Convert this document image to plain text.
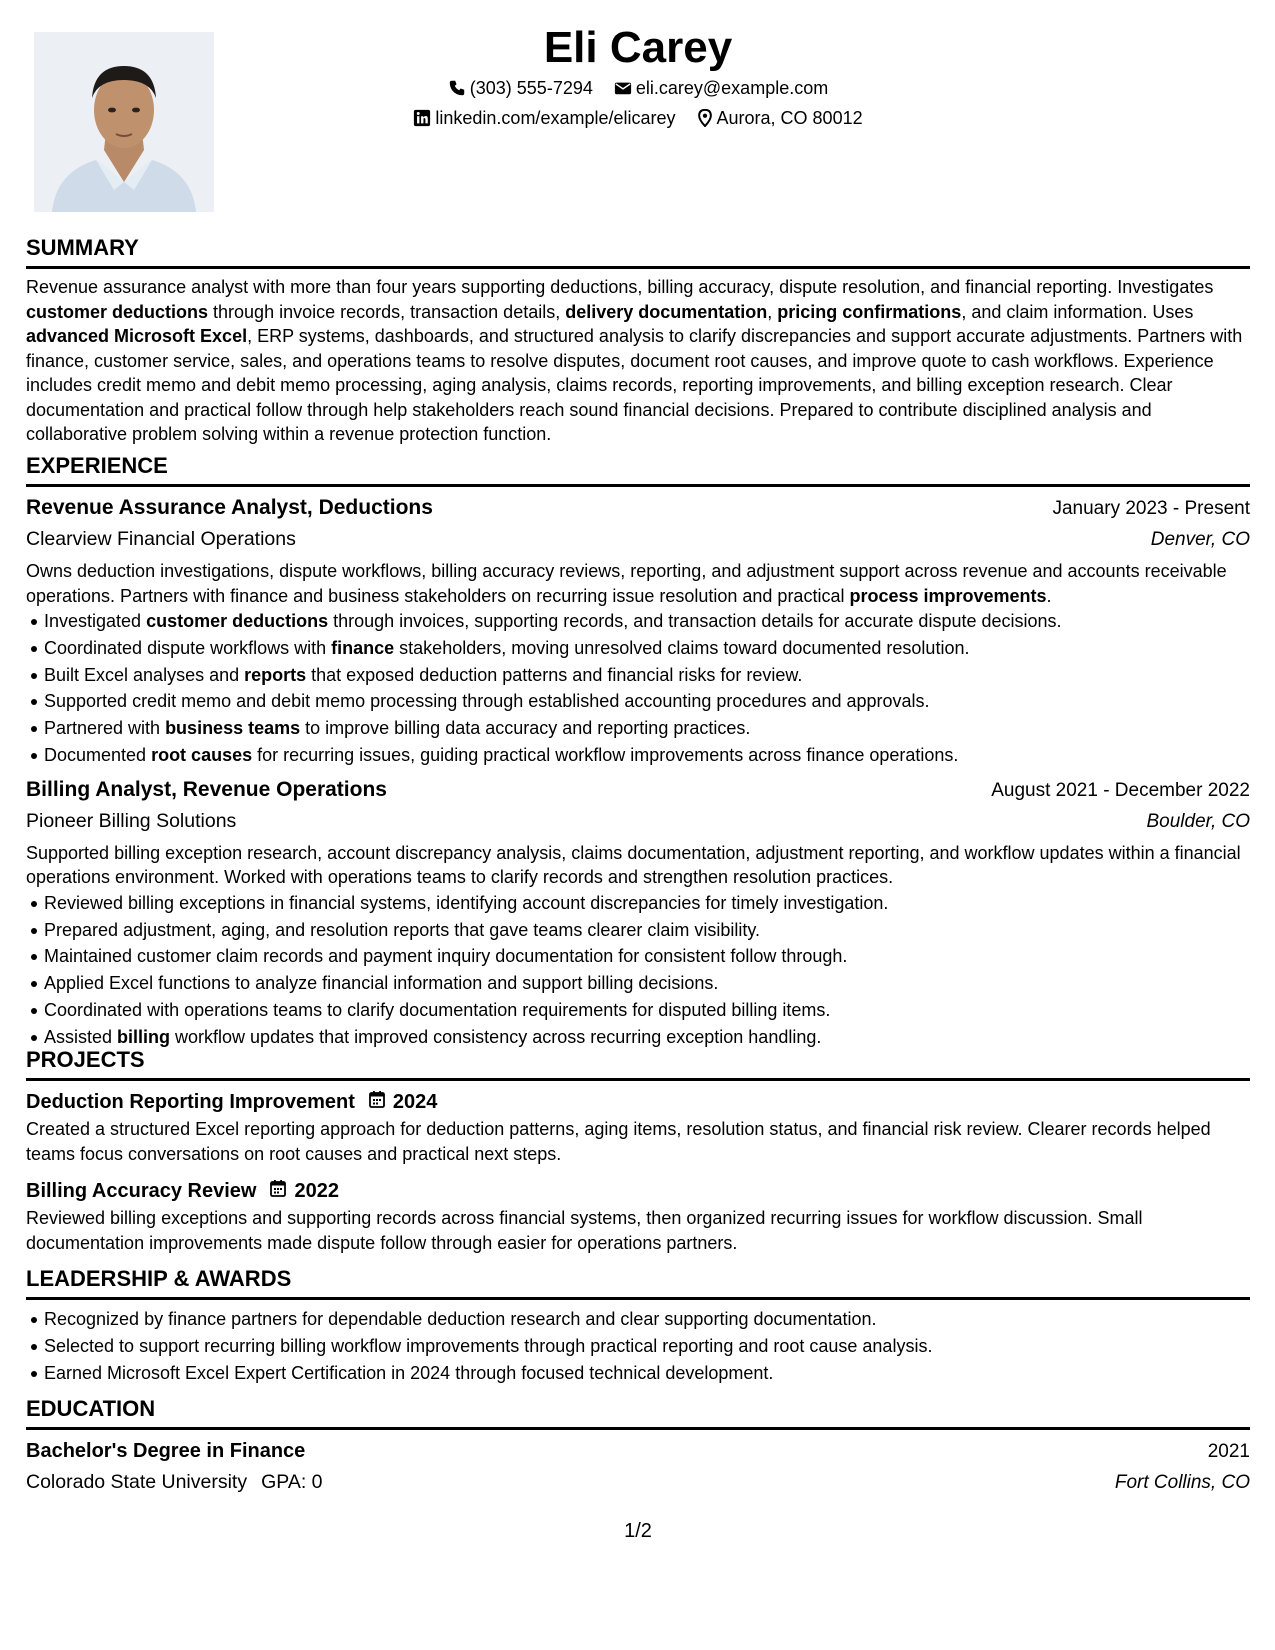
Eli Carey
(303) 555-7294 eli.carey@example.com
linkedin.com/example/elicarey Aurora, CO 80012
SUMMARY

Revenue assurance analyst with more than four years supporting deductions, billing accuracy, dispute resolution, and financial reporting. Investigates customer deductions through invoice records, transaction details, delivery documentation, pricing confirmations, and claim information. Uses advanced Microsoft Excel, ERP systems, dashboards, and structured analysis to clarify discrepancies and support accurate adjustments. Partners with finance, customer service, sales, and operations teams to resolve disputes, document root causes, and improve quote to cash workflows. Experience includes credit memo and debit memo processing, aging analysis, claims records, reporting improvements, and billing exception research. Clear documentation and practical follow through help stakeholders reach sound financial decisions. Prepared to contribute disciplined analysis and collaborative problem solving within a revenue protection function.

EXPERIENCE
Revenue Assurance Analyst, Deductions	January 2023 - Present
Clearview Financial Operations	Denver, CO

Owns deduction investigations, dispute workflows, billing accuracy reviews, reporting, and adjustment support across revenue and accounts receivable operations. Partners with finance and business stakeholders on recurring issue resolution and practical process improvements.

Investigated customer deductions through invoices, supporting records, and transaction details for accurate dispute decisions.
Coordinated dispute workflows with finance stakeholders, moving unresolved claims toward documented resolution.
Built Excel analyses and reports that exposed deduction patterns and financial risks for review.
Supported credit memo and debit memo processing through established accounting procedures and approvals.
Partnered with business teams to improve billing data accuracy and reporting practices.
Documented root causes for recurring issues, guiding practical workflow improvements across finance operations.
Billing Analyst, Revenue Operations	August 2021 - December 2022
Pioneer Billing Solutions	Boulder, CO

Supported billing exception research, account discrepancy analysis, claims documentation, adjustment reporting, and workflow updates within a financial operations environment. Worked with operations teams to clarify records and strengthen resolution practices.

Reviewed billing exceptions in financial systems, identifying account discrepancies for timely investigation.
Prepared adjustment, aging, and resolution reports that gave teams clearer claim visibility.
Maintained customer claim records and payment inquiry documentation for consistent follow through.
Applied Excel functions to analyze financial information and support billing decisions.
Coordinated with operations teams to clarify documentation requirements for disputed billing items.
Assisted billing workflow updates that improved consistency across recurring exception handling.
PROJECTS
Deduction Reporting Improvement 2024

Created a structured Excel reporting approach for deduction patterns, aging items, resolution status, and financial risk review. Clearer records helped teams focus conversations on root causes and practical next steps.

Billing Accuracy Review 2022

Reviewed billing exceptions and supporting records across financial systems, then organized recurring issues for workflow discussion. Small documentation improvements made dispute follow through easier for operations partners.

LEADERSHIP & AWARDS
Recognized by finance partners for dependable deduction research and clear supporting documentation.
Selected to support recurring billing workflow improvements through practical reporting and root cause analysis.
Earned Microsoft Excel Expert Certification in 2024 through focused technical development.
EDUCATION
Bachelor's Degree in Finance	2021
Colorado State University GPA: 0	Fort Collins, CO
1/2
